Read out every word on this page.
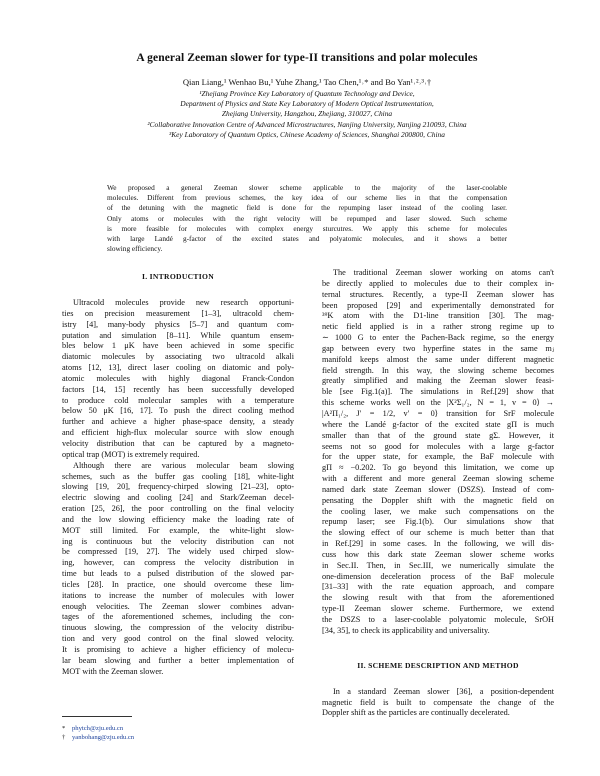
A general Zeeman slower for type-II transitions and polar molecules
Qian Liang,¹ Wenhao Bu,¹ Yuhe Zhang,¹ Tao Chen,¹˒* and Bo Yan¹˒²˒³˒†
¹Zhejiang Province Key Laboratory of Quantum Technology and Device,
Department of Physics and State Key Laboratory of Modern Optical Instrumentation,
Zhejiang University, Hangzhou, Zhejiang, 310027, China
²Collaborative Innovation Centre of Advanced Microstructures, Nanjing University, Nanjing 210093, China
³Key Laboratory of Quantum Optics, Chinese Academy of Sciences, Shanghai 200800, China
We proposed a general Zeeman slower scheme applicable to the majority of the laser-coolable
molecules. Different from previous schemes, the key idea of our scheme lies in that the compensation
of the detuning with the magnetic field is done for the repumping laser instead of the cooling laser.
Only atoms or molecules with the right velocity will be repumped and laser slowed. Such scheme
is more feasible for molecules with complex energy sturcutres. We apply this scheme for molecules
with large Landé g-factor of the excited states and polyatomic molecules, and it shows a better
slowing efficiency.
I. INTRODUCTION
Ultracold molecules provide new research opportuni-
ties on precision measurement [1–3], ultracold chem-
istry [4], many-body physics [5–7] and quantum com-
putation and simulation [8–11]. While quantum ensem-
bles below 1 μK have been achieved in some specific
diatomic molecules by associating two ultracold alkali
atoms [12, 13], direct laser cooling on diatomic and poly-
atomic molecules with highly diagonal Franck-Condon
factors [14, 15] recently has been successfully developed
to produce cold molecular samples with a temperature
below 50 μK [16, 17]. To push the direct cooling method
further and achieve a higher phase-space density, a steady
and efficient high-flux molecular source with slow enough
velocity distribution that can be captured by a magneto-
optical trap (MOT) is extremely required.
Although there are various molecular beam slowing
schemes, such as the buffer gas cooling [18], white-light
slowing [19, 20], frequency-chirped slowing [21–23], opto-
electric slowing and cooling [24] and Stark/Zeeman decel-
eration [25, 26], the poor controlling on the final velocity
and the low slowing efficiency make the loading rate of
MOT still limited. For example, the white-light slow-
ing is continuous but the velocity distribution can not
be compressed [19, 27]. The widely used chirped slow-
ing, however, can compress the velocity distribution in
time but leads to a pulsed distribution of the slowed par-
ticles [28]. In practice, one should overcome these lim-
itations to increase the number of molecules with lower
enough velocities. The Zeeman slower combines advan-
tages of the aforementioned schemes, including the con-
tinuous slowing, the compression of the velocity distribu-
tion and very good control on the final slowed velocity.
It is promising to achieve a higher efficiency of molecu-
lar beam slowing and further a better implementation of
MOT with the Zeeman slower.
The traditional Zeeman slower working on atoms can't
be directly applied to molecules due to their complex in-
ternal structures. Recently, a type-II Zeeman slower has
been proposed [29] and experimentally demonstrated for
³⁹K atom with the D1-line transition [30]. The mag-
netic field applied is in a rather strong regime up to
∼ 1000 G to enter the Pachen-Back regime, so the energy
gap between every two hyperfine states in the same mⱼ
manifold keeps almost the same under different magnetic
field strength. In this way, the slowing scheme becomes
greatly simplified and making the Zeeman slower feasi-
ble [see Fig.1(a)]. The simulations in Ref.[29] show that
this scheme works well on the |X²Σ₁/₂, N = 1, v = 0⟩ →
|A²Π₁/₂, J′ = 1/2, v′ = 0⟩ transition for SrF molecule
where the Landé g-factor of the excited state gΠ is much
smaller than that of the ground state gΣ. However, it
seems not so good for molecules with a large g-factor
for the upper state, for example, the BaF molecule with
gΠ ≈ −0.202. To go beyond this limitation, we come up
with a different and more general Zeeman slowing scheme
named dark state Zeeman slower (DSZS). Instead of com-
pensating the Doppler shift with the magnetic field on
the cooling laser, we make such compensations on the
repump laser; see Fig.1(b). Our simulations show that
the slowing effect of our scheme is much better than that
in Ref.[29] in some cases. In the following, we will dis-
cuss how this dark state Zeeman slower scheme works
in Sec.II. Then, in Sec.III, we numerically simulate the
one-dimension deceleration process of the BaF molecule
[31–33] with the rate equation approach, and compare
the slowing result with that from the aforementioned
type-II Zeeman slower scheme. Furthermore, we extend
the DSZS to a laser-coolable polyatomic molecule, SrOH
[34, 35], to check its applicability and universality.
II. SCHEME DESCRIPTION AND METHOD
In a standard Zeeman slower [36], a position-dependent
magnetic field is built to compensate the change of the
Doppler shift as the particles are continually decelerated.
* phytch@zju.edu.cn
† yanbohang@zju.edu.cn
